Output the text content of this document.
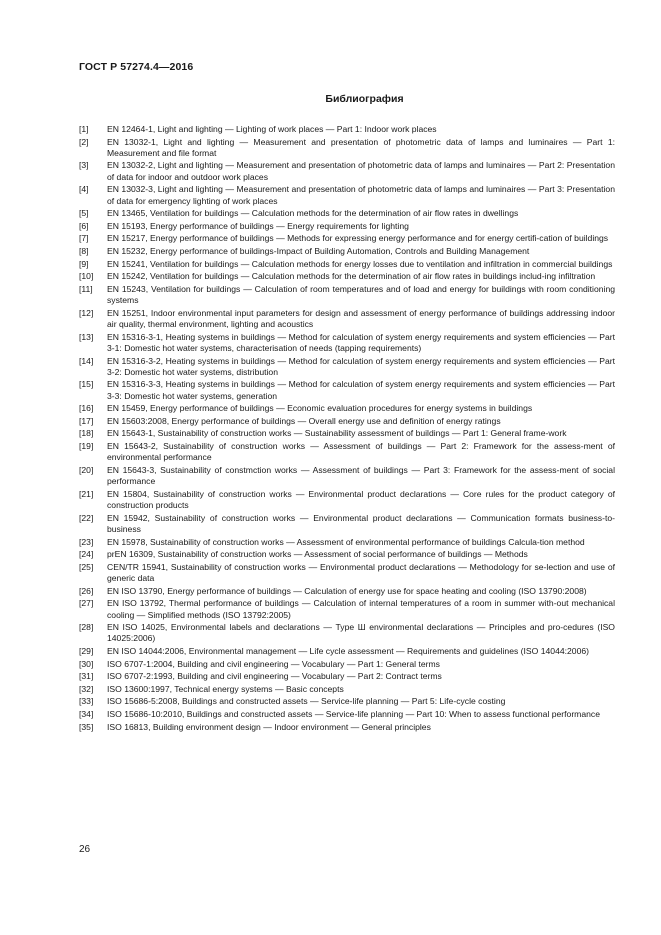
ГОСТ Р 57274.4—2016
Библиография
[1]	EN 12464-1, Light and lighting — Lighting of work places — Part 1: Indoor work places
[2]	EN 13032-1, Light and lighting — Measurement and presentation of photometric data of lamps and luminaires — Part 1: Measurement and file format
[3]	EN 13032-2, Light and lighting — Measurement and presentation of photometric data of lamps and luminaires — Part 2: Presentation of data for indoor and outdoor work places
[4]	EN 13032-3, Light and lighting — Measurement and presentation of photometric data of lamps and luminaires — Part 3: Presentation of data for emergency lighting of work places
[5]	EN 13465, Ventilation for buildings — Calculation methods for the determination of air flow rates in dwellings
[6]	EN 15193, Energy performance of buildings — Energy requirements for lighting
[7]	EN 15217, Energy performance of buildings — Methods for expressing energy performance and for energy certifi-cation of buildings
[8]	EN 15232, Energy performance of buildings-Impact of Building Automation, Controls and Building Management
[9]	EN 15241, Ventilation for buildings — Calculation methods for energy losses due to ventilation and infiltration in commercial buildings
[10]	EN 15242, Ventilation for buildings — Calculation methods for the determination of air flow rates in buildings includ-ing infiltration
[11]	EN 15243, Ventilation for buildings — Calculation of room temperatures and of load and energy for buildings with room conditioning systems
[12]	EN 15251, Indoor environmental input parameters for design and assessment of energy performance of buildings addressing indoor air quality, thermal environment, lighting and acoustics
[13]	EN 15316-3-1, Heating systems in buildings — Method for calculation of system energy requirements and system efficiencies — Part 3-1: Domestic hot water systems, characterisation of needs (tapping requirements)
[14]	EN 15316-3-2, Heating systems in buildings — Method for calculation of system energy requirements and system efficiencies — Part 3-2: Domestic hot water systems, distribution
[15]	EN 15316-3-3, Heating systems in buildings — Method for calculation of system energy requirements and system efficiencies — Part 3-3: Domestic hot water systems, generation
[16]	EN 15459, Energy performance of buildings — Economic evaluation procedures for energy systems in buildings
[17]	EN 15603:2008, Energy performance of buildings — Overall energy use and definition of energy ratings
[18]	EN 15643-1, Sustainability of construction works — Sustainability assessment of buildings — Part 1: General frame-work
[19]	EN 15643-2, Sustainability of construction works — Assessment of buildings — Part 2: Framework for the assess-ment of environmental performance
[20]	EN 15643-3, Sustainability of constmction works — Assessment of buildings — Part 3: Framework for the assess-ment of social performance
[21]	EN 15804, Sustainability of construction works — Environmental product declarations — Core rules for the product category of construction products
[22]	EN 15942, Sustainability of construction works — Environmental product declarations — Communication formats business-to-business
[23]	EN 15978, Sustainability of construction works — Assessment of environmental performance of buildings Calcula-tion method
[24]	prEN 16309, Sustainability of construction works — Assessment of social performance of buildings — Methods
[25]	CEN/TR 15941, Sustainability of construction works — Environmental product declarations — Methodology for se-lection and use of generic data
[26]	EN ISO 13790, Energy performance of buildings — Calculation of energy use for space heating and cooling (ISO 13790:2008)
[27]	EN ISO 13792, Thermal performance of buildings — Calculation of internal temperatures of a room in summer with-out mechanical cooling — Simplified methods (ISO 13792:2005)
[28]	EN ISO 14025, Environmental labels and declarations — Type Ш environmental declarations — Principles and pro-cedures (ISO 14025:2006)
[29]	EN ISO 14044:2006, Environmental management — Life cycle assessment — Requirements and guidelines (ISO 14044:2006)
[30]	ISO 6707-1:2004, Building and civil engineering — Vocabulary — Part 1: General terms
[31]	ISO 6707-2:1993, Building and civil engineering — Vocabulary — Part 2: Contract terms
[32]	ISO 13600:1997, Technical energy systems — Basic concepts
[33]	ISO 15686-5:2008, Buildings and constructed assets — Service-life planning — Part 5: Life-cycle costing
[34]	ISO 15686-10:2010, Buildings and constructed assets — Service-life planning — Part 10: When to assess functional performance
[35]	ISO 16813, Building environment design — Indoor environment — General principles
26
